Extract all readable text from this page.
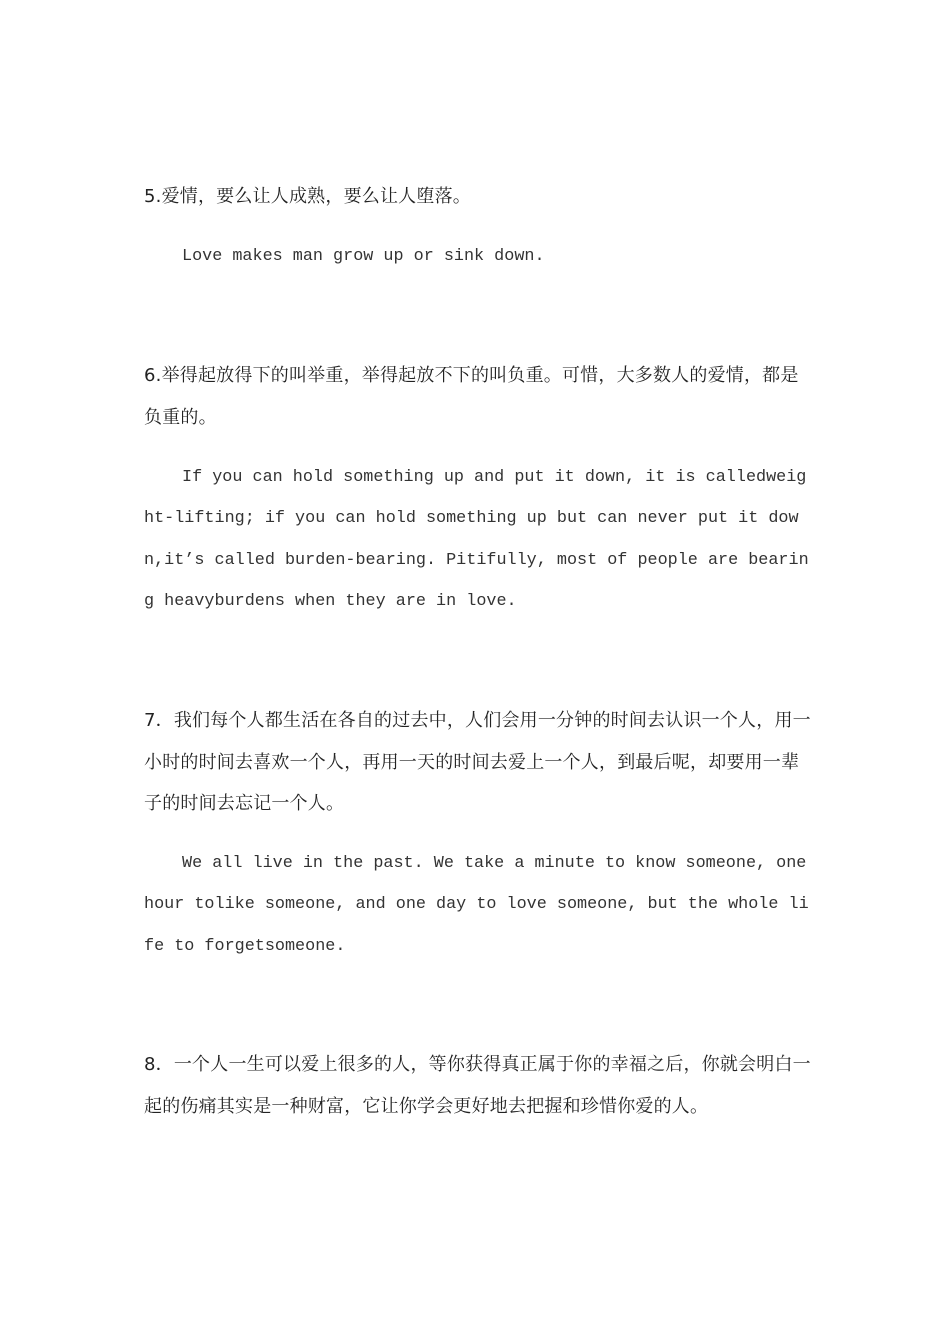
5.爱情，要么让人成熟，要么让人堕落。

Love makes man grow up or sink down.

6.举得起放得下的叫举重，举得起放不下的叫负重。可惜，大多数人的爱情，都是负重的。

If you can hold something up and put it down, it is calledweight-lifting; if you can hold something up but can never put it down,it’s called burden-bearing. Pitifully, most of people are bearing heavyburdens when they are in love.

7．我们每个人都生活在各自的过去中，人们会用一分钟的时间去认识一个人，用一小时的时间去喜欢一个人，再用一天的时间去爱上一个人，到最后呢，却要用一辈子的时间去忘记一个人。

We all live in the past. We take a minute to know someone, one hour tolike someone, and one day to love someone, but the whole life to forgetsomeone.

8．一个人一生可以爱上很多的人，等你获得真正属于你的幸福之后，你就会明白一起的伤痛其实是一种财富，它让你学会更好地去把握和珍惜你爱的人。
